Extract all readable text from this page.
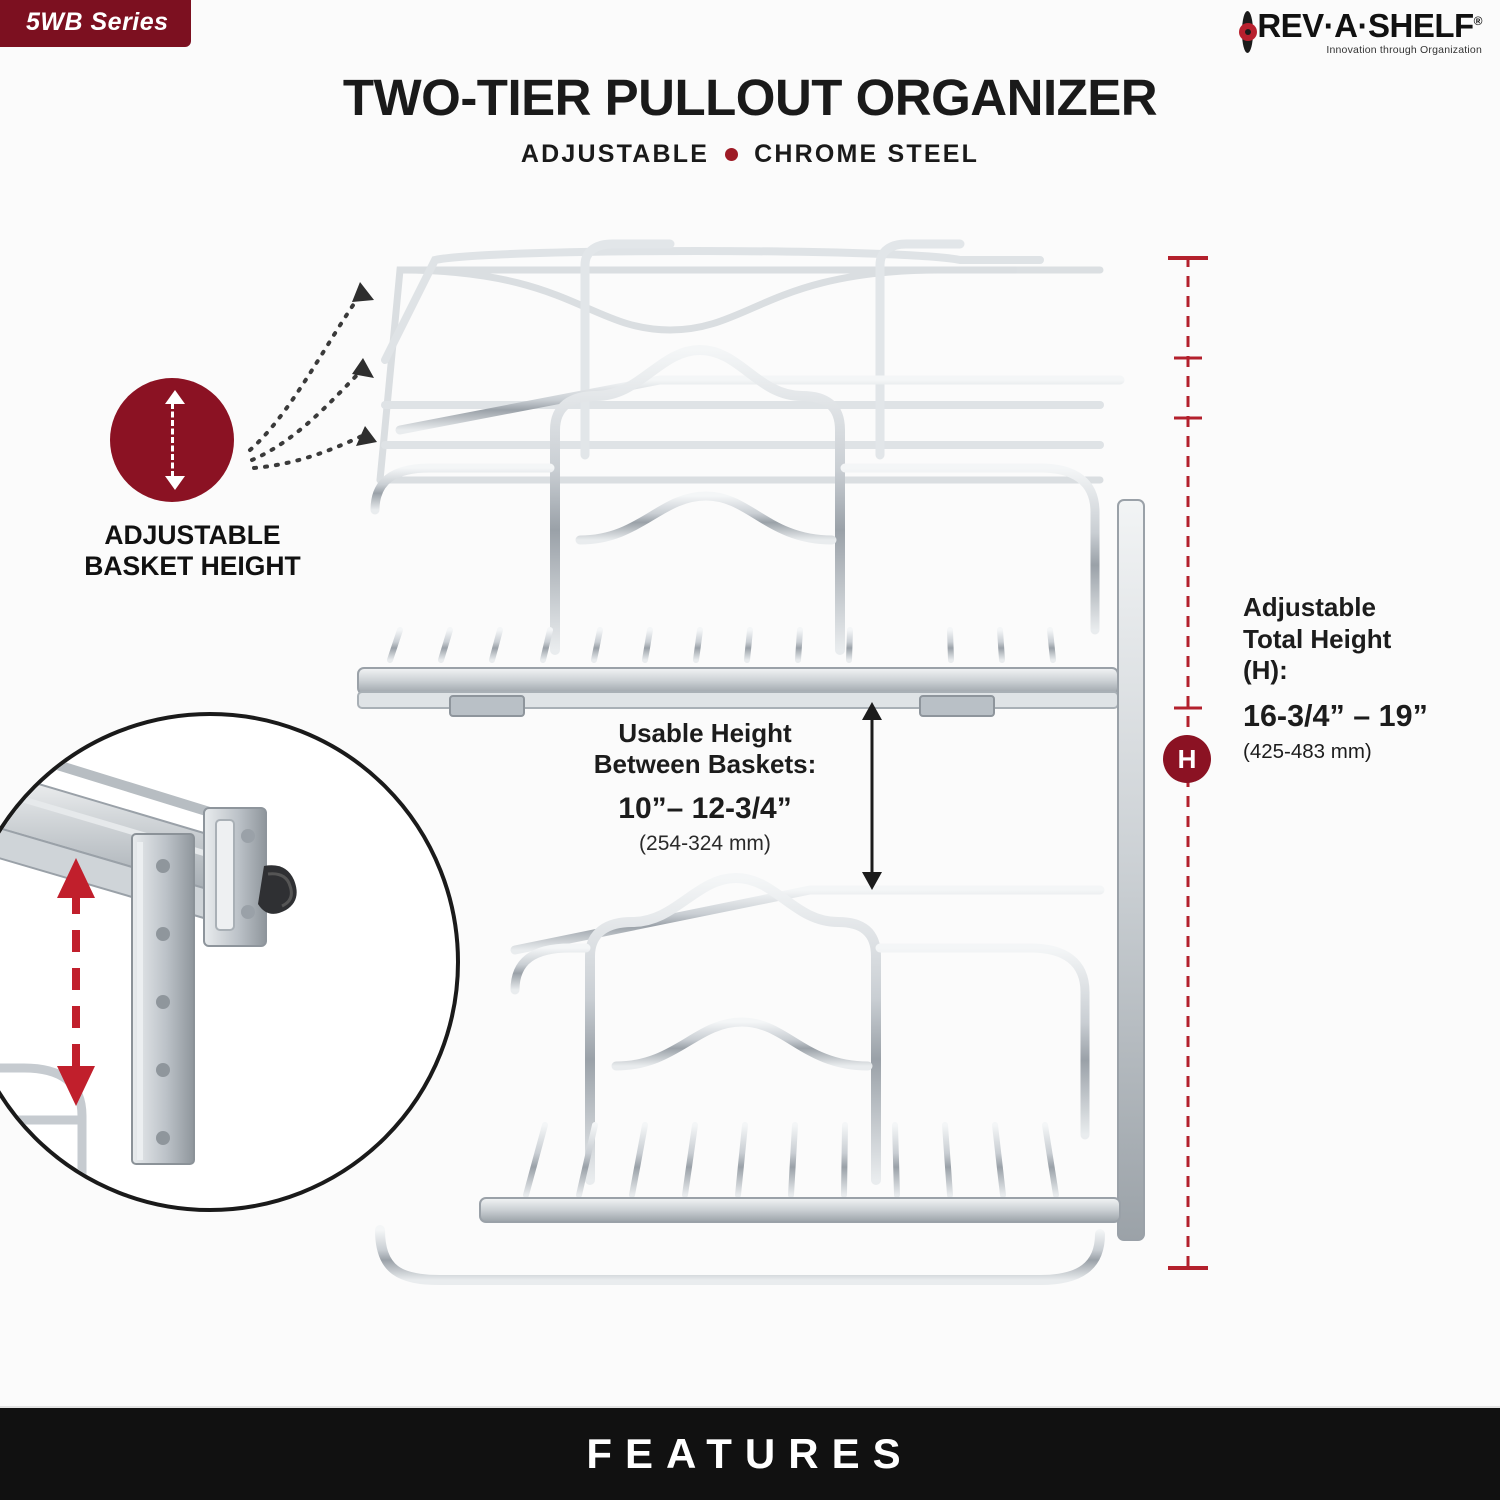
5WB Series	REV·A·SHELF®
Innovation through Organization
TWO-TIER PULLOUT ORGANIZER
ADJUSTABLE CHROME STEEL
ADJUSTABLE
BASKET HEIGHT
Usable Height
Between Baskets:
10”– 12-3/4”
(254-324 mm)
H
Adjustable
Total Height
(H):
16-3/4” – 19”
(425-483 mm)
FEATURES
